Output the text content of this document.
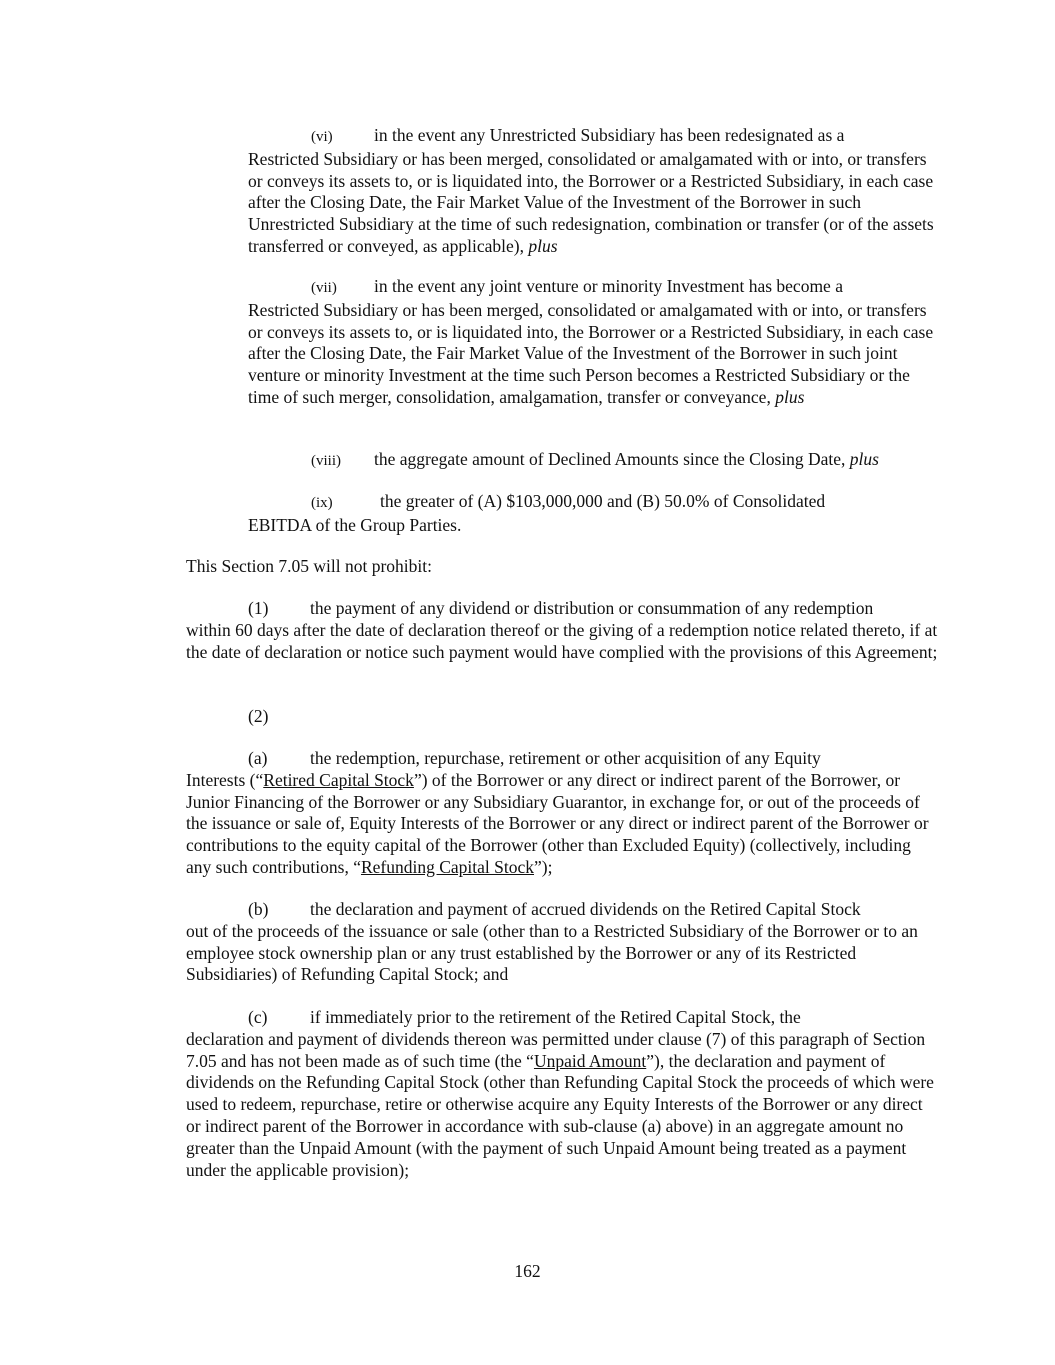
(vi) in the event any Unrestricted Subsidiary has been redesignated as a
Restricted Subsidiary or has been merged, consolidated or amalgamated with or into, or transfers or conveys its assets to, or is liquidated into, the Borrower or a Restricted Subsidiary, in each case after the Closing Date, the Fair Market Value of the Investment of the Borrower in such Unrestricted Subsidiary at the time of such redesignation, combination or transfer (or of the assets transferred or conveyed, as applicable), plus

(vii) in the event any joint venture or minority Investment has become a
Restricted Subsidiary or has been merged, consolidated or amalgamated with or into, or transfers or conveys its assets to, or is liquidated into, the Borrower or a Restricted Subsidiary, in each case after the Closing Date, the Fair Market Value of the Investment of the Borrower in such joint venture or minority Investment at the time such Person becomes a Restricted Subsidiary or the time of such merger, consolidation, amalgamation, transfer or conveyance, plus

(viii) the aggregate amount of Declined Amounts since the Closing Date, plus

(ix)	the greater of (A) $103,000,000 and (B) 50.0% of Consolidated
EBITDA of the Group Parties.

This Section 7.05 will not prohibit:

(1) the payment of any dividend or distribution or consummation of any redemption
within 60 days after the date of declaration thereof or the giving of a redemption notice related thereto, if at the date of declaration or notice such payment would have complied with the provisions of this Agreement;

(2)

(a) the redemption, repurchase, retirement or other acquisition of any Equity
Interests (“Retired Capital Stock”) of the Borrower or any direct or indirect parent of the Borrower, or Junior Financing of the Borrower or any Subsidiary Guarantor, in exchange for, or out of the proceeds of the issuance or sale of, Equity Interests of the Borrower or any direct or indirect parent of the Borrower or contributions to the equity capital of the Borrower (other than Excluded Equity) (collectively, including any such contributions, “Refunding Capital Stock”);

(b) the declaration and payment of accrued dividends on the Retired Capital Stock
out of the proceeds of the issuance or sale (other than to a Restricted Subsidiary of the Borrower or to an employee stock ownership plan or any trust established by the Borrower or any of its Restricted Subsidiaries) of Refunding Capital Stock; and

(c) if immediately prior to the retirement of the Retired Capital Stock, the
declaration and payment of dividends thereon was permitted under clause (7) of this paragraph of Section 7.05 and has not been made as of such time (the “Unpaid Amount”), the declaration and payment of dividends on the Refunding Capital Stock (other than Refunding Capital Stock the proceeds of which were used to redeem, repurchase, retire or otherwise acquire any Equity Interests of the Borrower or any direct or indirect parent of the Borrower in accordance with sub-clause (a) above) in an aggregate amount no greater than the Unpaid Amount (with the payment of such Unpaid Amount being treated as a payment under the applicable provision);

162
